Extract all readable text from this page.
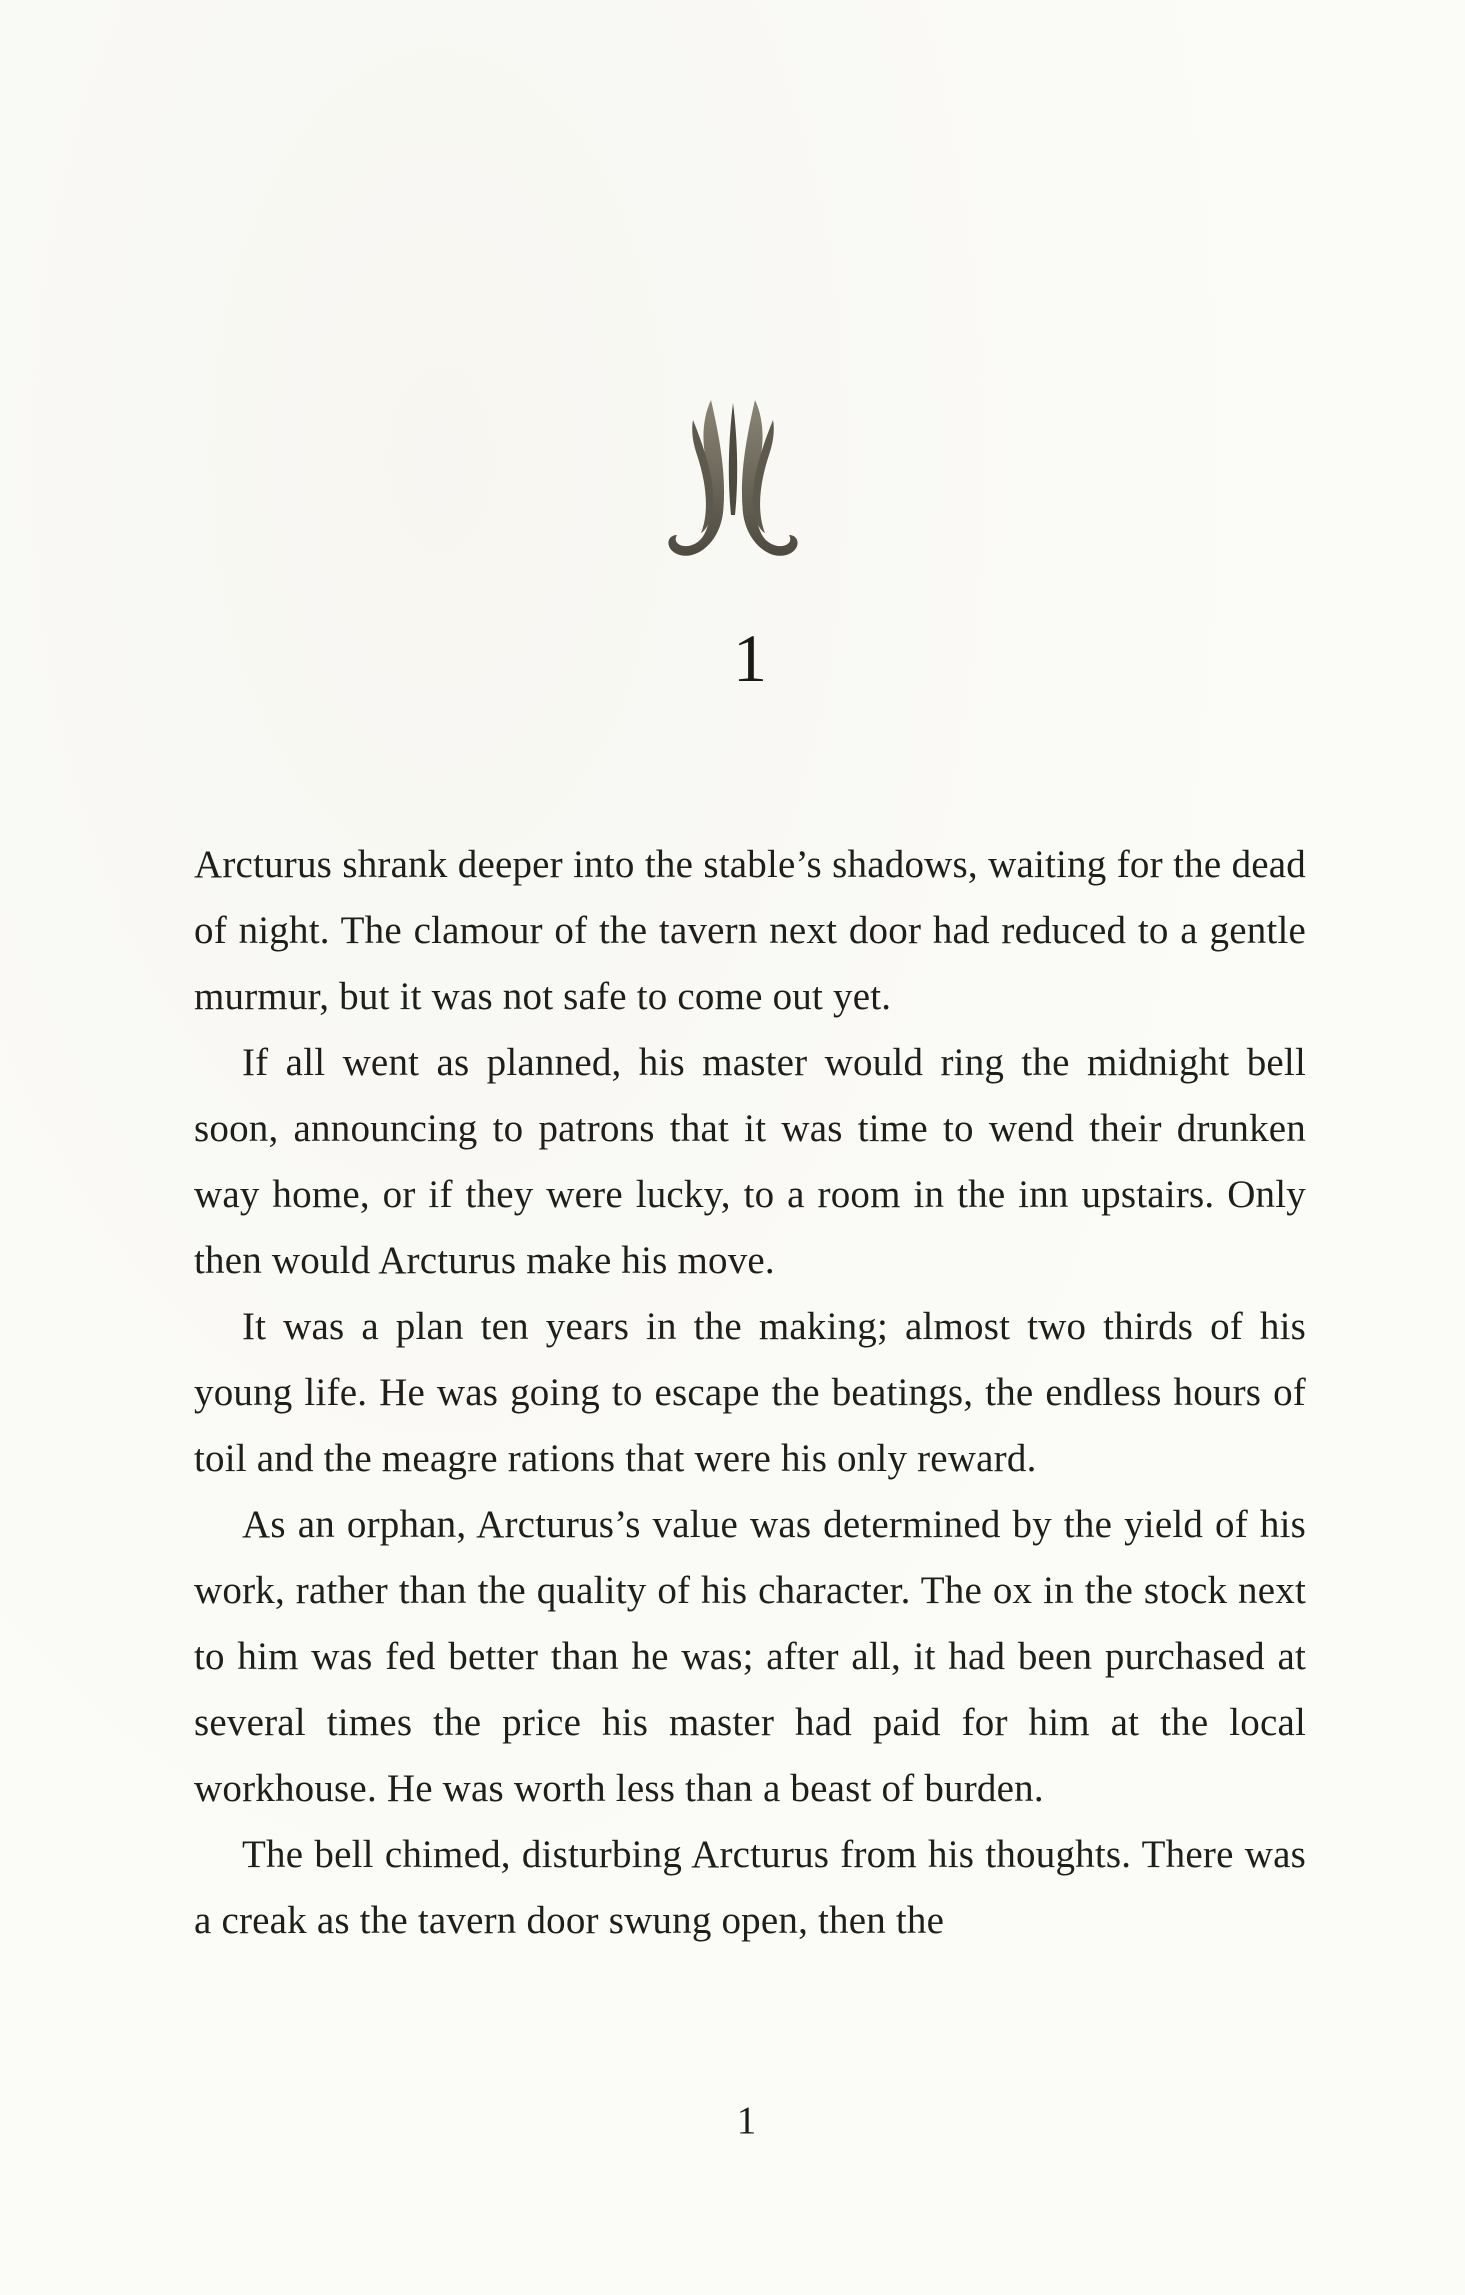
1

Arcturus shrank deeper into the stable’s shadows, waiting for the dead of night. The clamour of the tavern next door had reduced to a gentle murmur, but it was not safe to come out yet.

If all went as planned, his master would ring the midnight bell soon, announcing to patrons that it was time to wend their drunken way home, or if they were lucky, to a room in the inn upstairs. Only then would Arcturus make his move.

It was a plan ten years in the making; almost two thirds of his young life. He was going to escape the beatings, the endless hours of toil and the meagre rations that were his only reward.

As an orphan, Arcturus’s value was determined by the yield of his work, rather than the quality of his character. The ox in the stock next to him was fed better than he was; after all, it had been purchased at several times the price his master had paid for him at the local workhouse. He was worth less than a beast of burden.

The bell chimed, disturbing Arcturus from his thoughts. There was a creak as the tavern door swung open, then the

1
